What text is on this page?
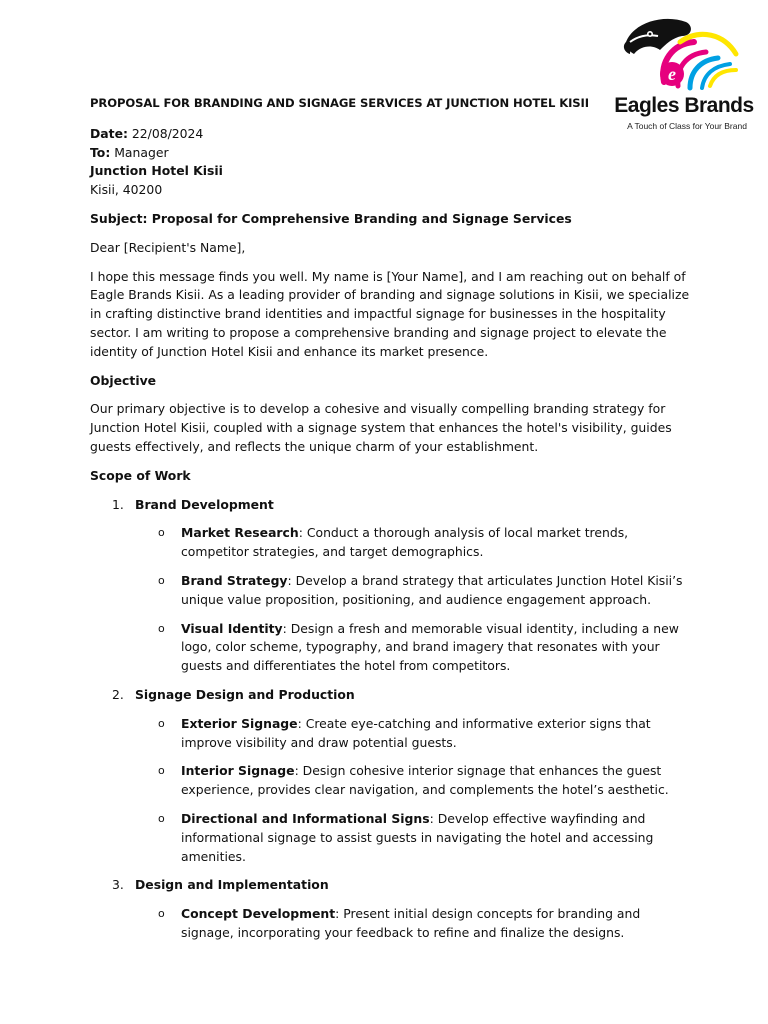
e
Eagles Brands
A Touch of Class for Your Brand
PROPOSAL FOR BRANDING AND SIGNAGE SERVICES AT JUNCTION HOTEL KISII

Date: 22/08/2024

To: Manager

Junction Hotel Kisii

Kisii, 40200

Subject: Proposal for Comprehensive Branding and Signage Services

Dear [Recipient's Name],

I hope this message finds you well. My name is [Your Name], and I am reaching out on behalf of Eagle Brands Kisii. As a leading provider of branding and signage solutions in Kisii, we specialize in crafting distinctive brand identities and impactful signage for businesses in the hospitality sector. I am writing to propose a comprehensive branding and signage project to elevate the identity of Junction Hotel Kisii and enhance its market presence.

Objective

Our primary objective is to develop a cohesive and visually compelling branding strategy for Junction Hotel Kisii, coupled with a signage system that enhances the hotel's visibility, guides guests effectively, and reflects the unique charm of your establishment.

Scope of Work

1. Brand Development
o Market Research: Conduct a thorough analysis of local market trends, competitor strategies, and target demographics.
o Brand Strategy: Develop a brand strategy that articulates Junction Hotel Kisii’s unique value proposition, positioning, and audience engagement approach.
o Visual Identity: Design a fresh and memorable visual identity, including a new logo, color scheme, typography, and brand imagery that resonates with your guests and differentiates the hotel from competitors.
2. Signage Design and Production
o Exterior Signage: Create eye-catching and informative exterior signs that improve visibility and draw potential guests.
o Interior Signage: Design cohesive interior signage that enhances the guest experience, provides clear navigation, and complements the hotel’s aesthetic.
o Directional and Informational Signs: Develop effective wayfinding and informational signage to assist guests in navigating the hotel and accessing amenities.
3. Design and Implementation
o Concept Development: Present initial design concepts for branding and signage, incorporating your feedback to refine and finalize the designs.
